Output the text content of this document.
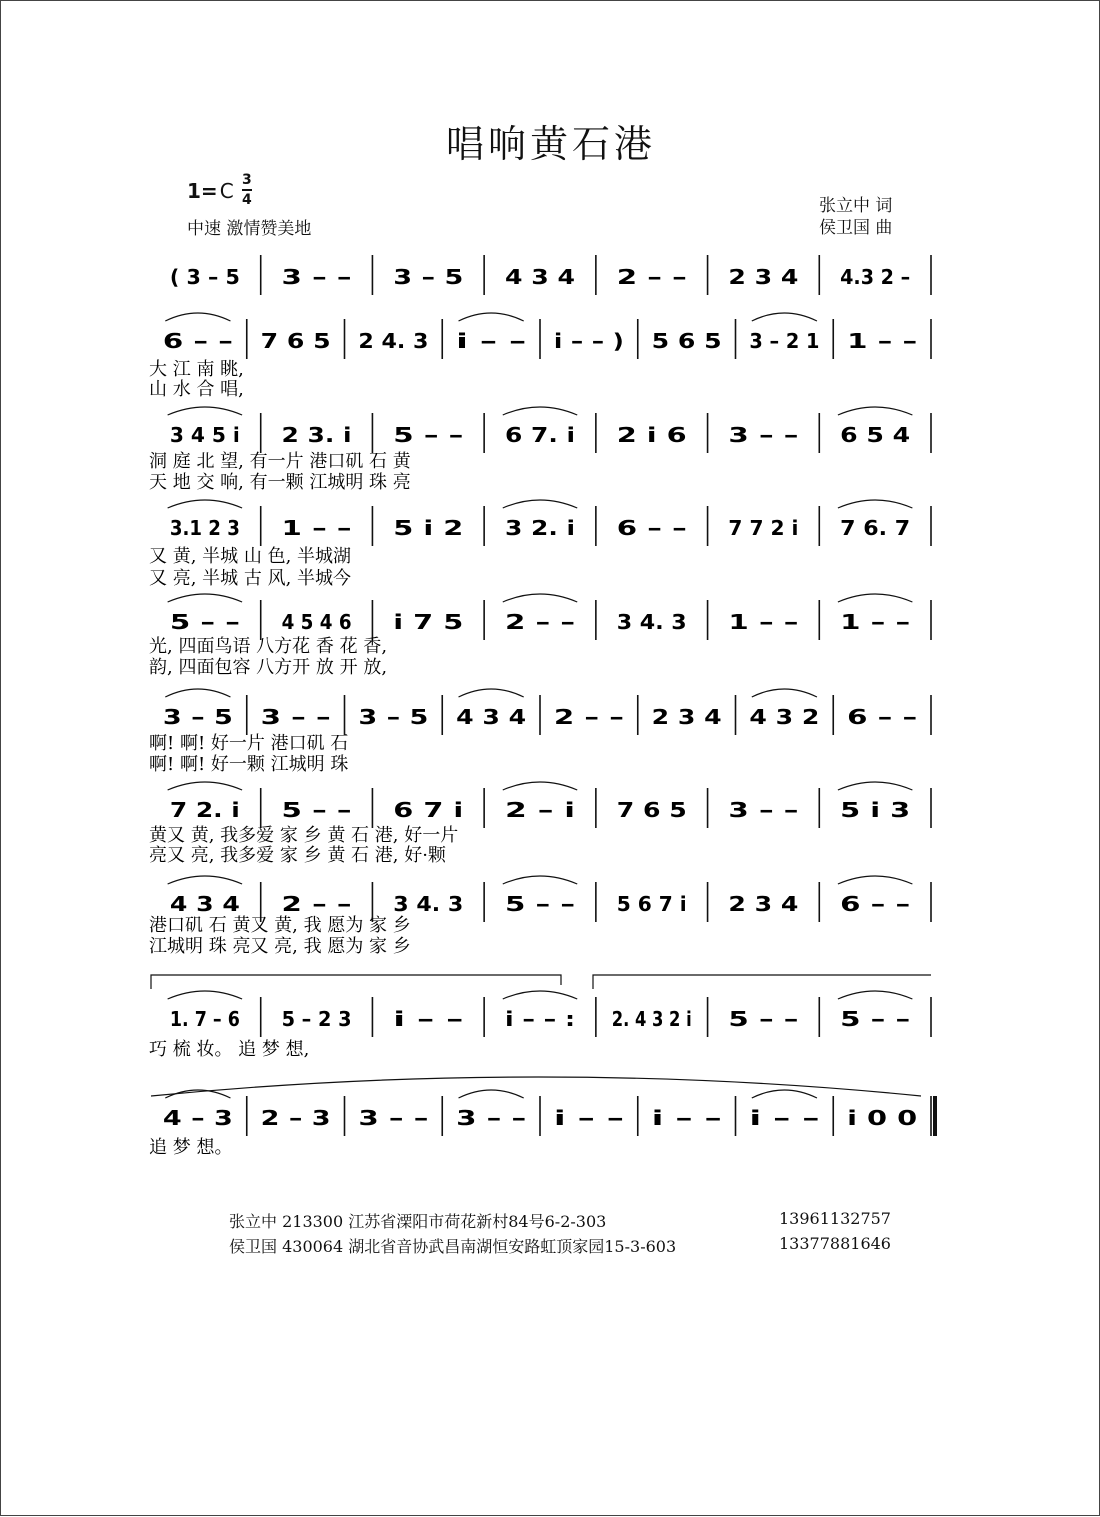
唱响黄石港
1= C 3
4
中速 激情赞美地
张立中 词
侯卫国 曲
( 3 – 5 3 – – 3 – 5 4 3 4 2 – – 2 3 4 4.3 2 –
6 – – 7 6 5 2 4. 3 i – – i – – ) 5 6 5 3 – 2 1 1 – –
大 江 南 眺,
山 水 合 唱,
3 4 5 i 2 3. i 5 – – 6 7. i 2 i 6 3 – – 6 5 4
洞 庭 北 望, 有一片 港口矶 石 黄
天 地 交 响, 有一颗 江城明 珠 亮
3.1 2 3 1 – – 5 i 2 3 2. i 6 – – 7 7 2 i 7 6. 7
又 黄, 半城 山 色, 半城湖
又 亮, 半城 古 风, 半城今
5 – – 4 5 4 6 i 7 5 2 – – 3 4. 3 1 – – 1 – –
光, 四面鸟语 八方花 香 花 香,
韵, 四面包容 八方开 放 开 放,
3 – 5 3 – – 3 – 5 4 3 4 2 – – 2 3 4 4 3 2 6 – –
啊! 啊! 好一片 港口矶 石
啊! 啊! 好一颗 江城明 珠
7 2. i 5 – – 6 7 i 2 – i 7 6 5 3 – – 5 i 3
黄又 黄, 我多爱 家 乡 黄 石 港, 好一片
亮又 亮, 我多爱 家 乡 黄 石 港, 好·颗
4 3 4 2 – – 3 4. 3 5 – – 5 6 7 i 2 3 4 6 – –
港口矶 石 黄又 黄, 我 愿为 家 乡
江城明 珠 亮又 亮, 我 愿为 家 乡
1. 7 – 6 5 – 2 3 i – – i – – : 2. 4 3 2 i 5 – – 5 – –
巧 梳 妆。 追 梦 想,
4 – 3 2 – 3 3 – – 3 – – i – – i – – i – – i 0 0
追 梦 想。
张立中 213300 江苏省溧阳市荷花新村84号6-2-303	13961132757
侯卫国 430064 湖北省音协武昌南湖恒安路虹顶家园15-3-603	13377881646
